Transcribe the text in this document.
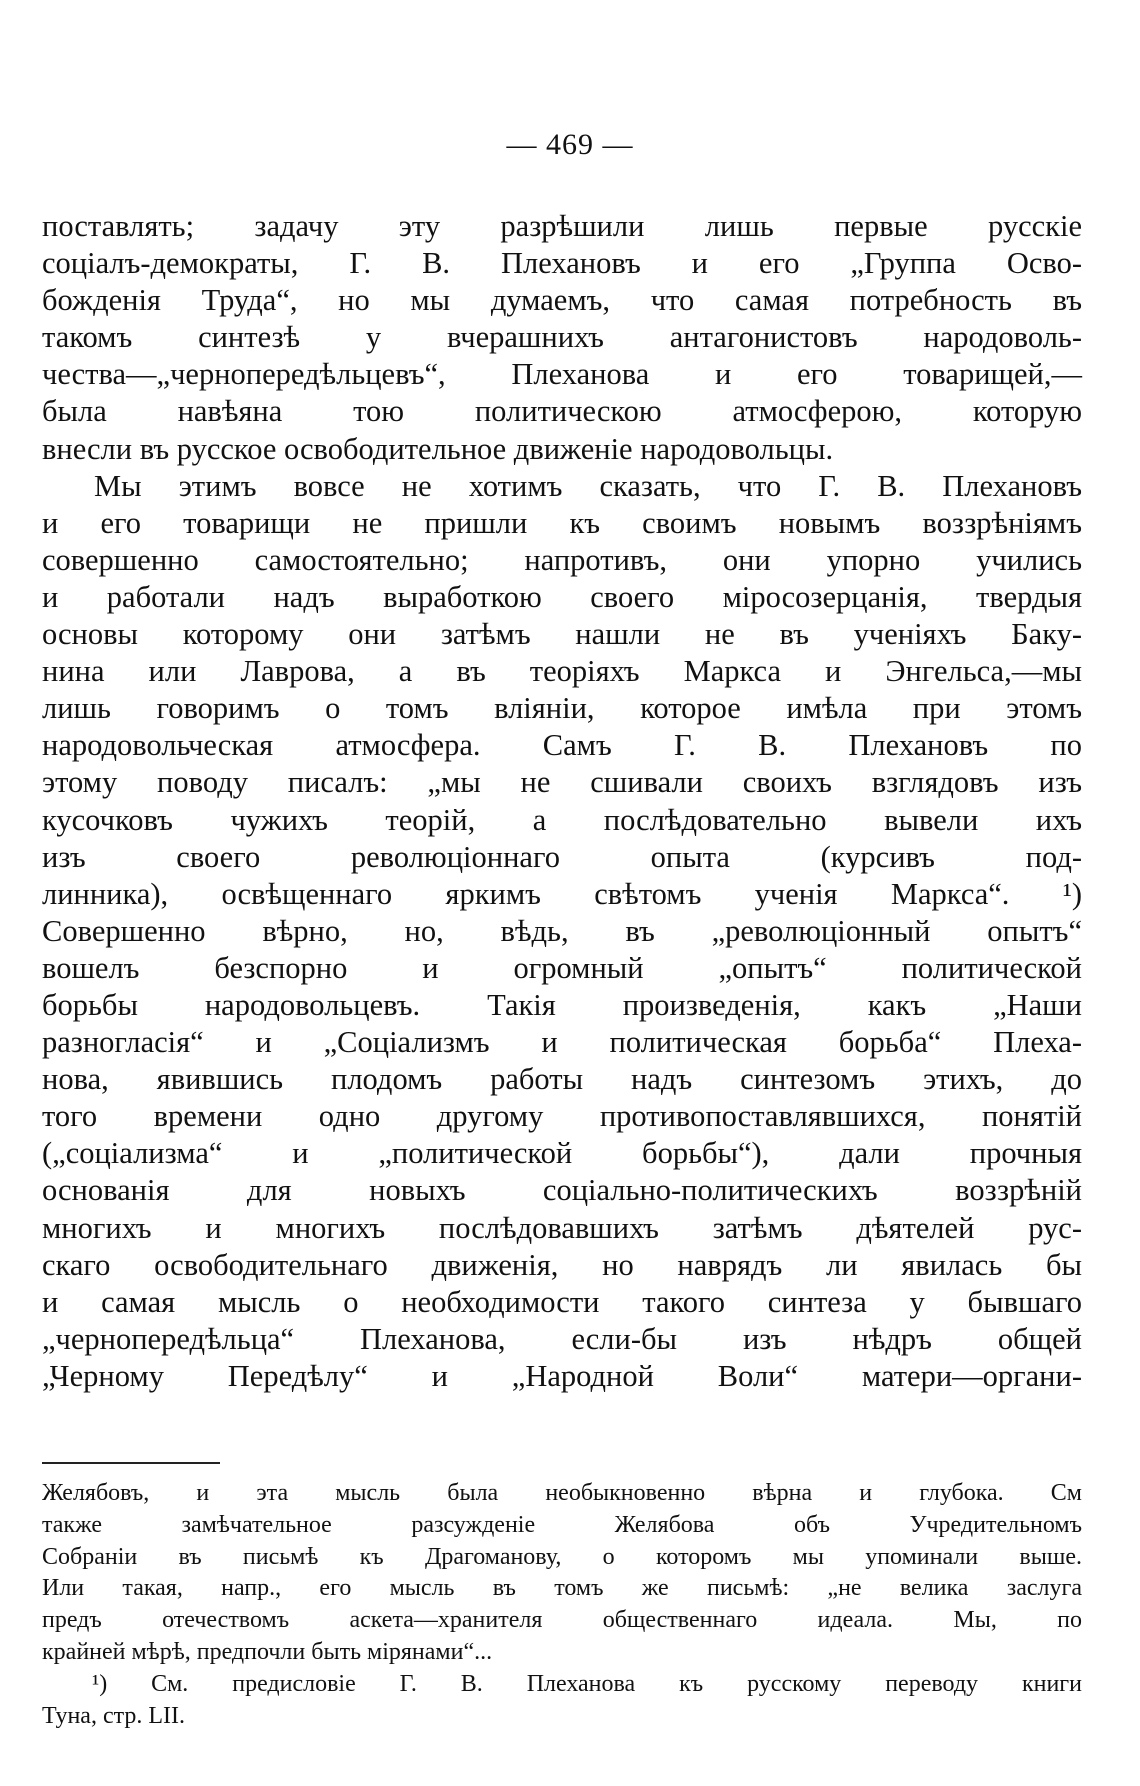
— 469 —
поставлять; задачу эту разрѣшили лишь первые русскіе
соціалъ-демократы, Г. В. Плехановъ и его „Группа Осво-
божденія Труда“, но мы думаемъ, что самая потребность въ
такомъ синтезѣ у вчерашнихъ антагонистовъ народоволь-
чества—„чернопередѣльцевъ“, Плеханова и его товарищей,—
была навѣяна тою политическою атмосферою, которую
внесли въ русское освободительное движеніе народовольцы.
Мы этимъ вовсе не хотимъ сказать, что Г. В. Плехановъ
и его товарищи не пришли къ своимъ новымъ воззрѣніямъ
совершенно самостоятельно; напротивъ, они упорно учились
и работали надъ выработкою своего міросозерцанія, твердыя
основы которому они затѣмъ нашли не въ ученіяхъ Баку-
нина или Лаврова, а въ теоріяхъ Маркса и Энгельса,—мы
лишь говоримъ о томъ вліяніи, которое имѣла при этомъ
народовольческая атмосфера. Самъ Г. В. Плехановъ по
этому поводу писалъ: „мы не сшивали своихъ взглядовъ изъ
кусочковъ чужихъ теорій, а послѣдовательно вывели ихъ
изъ своего революціоннаго опыта (курсивъ под-
линника), освѣщеннаго яркимъ свѣтомъ ученія Маркса“. ¹)
Совершенно вѣрно, но, вѣдь, въ „революціонный опытъ“
вошелъ безспорно и огромный „опытъ“ политической
борьбы народовольцевъ. Такія произведенія, какъ „Наши
разногласія“ и „Соціализмъ и политическая борьба“ Плеха-
нова, явившись плодомъ работы надъ синтезомъ этихъ, до
того времени одно другому противопоставлявшихся, понятій
(„соціализма“ и „политической борьбы“), дали прочныя
основанія для новыхъ соціально-политическихъ воззрѣній
многихъ и многихъ послѣдовавшихъ затѣмъ дѣятелей рус-
скаго освободительнаго движенія, но наврядъ ли явилась бы
и самая мысль о необходимости такого синтеза у бывшаго
„чернопередѣльца“ Плеханова, если-бы изъ нѣдръ общей
„Черному Передѣлу“ и „Народной Воли“ матери—органи-
Желябовъ, и эта мысль была необыкновенно вѣрна и глубока. См
также замѣчательное разсужденіе Желябова объ Учредительномъ
Собраніи въ письмѣ къ Драгоманову, о которомъ мы упоминали выше.
Или такая, напр., его мысль въ томъ же письмѣ: „не велика заслуга
предъ отечествомъ аскета—хранителя общественнаго идеала. Мы, по
крайней мѣрѣ, предпочли быть мірянами“...
¹) См. предисловіе Г. В. Плеханова къ русскому переводу книги
Туна, стр. LII.
